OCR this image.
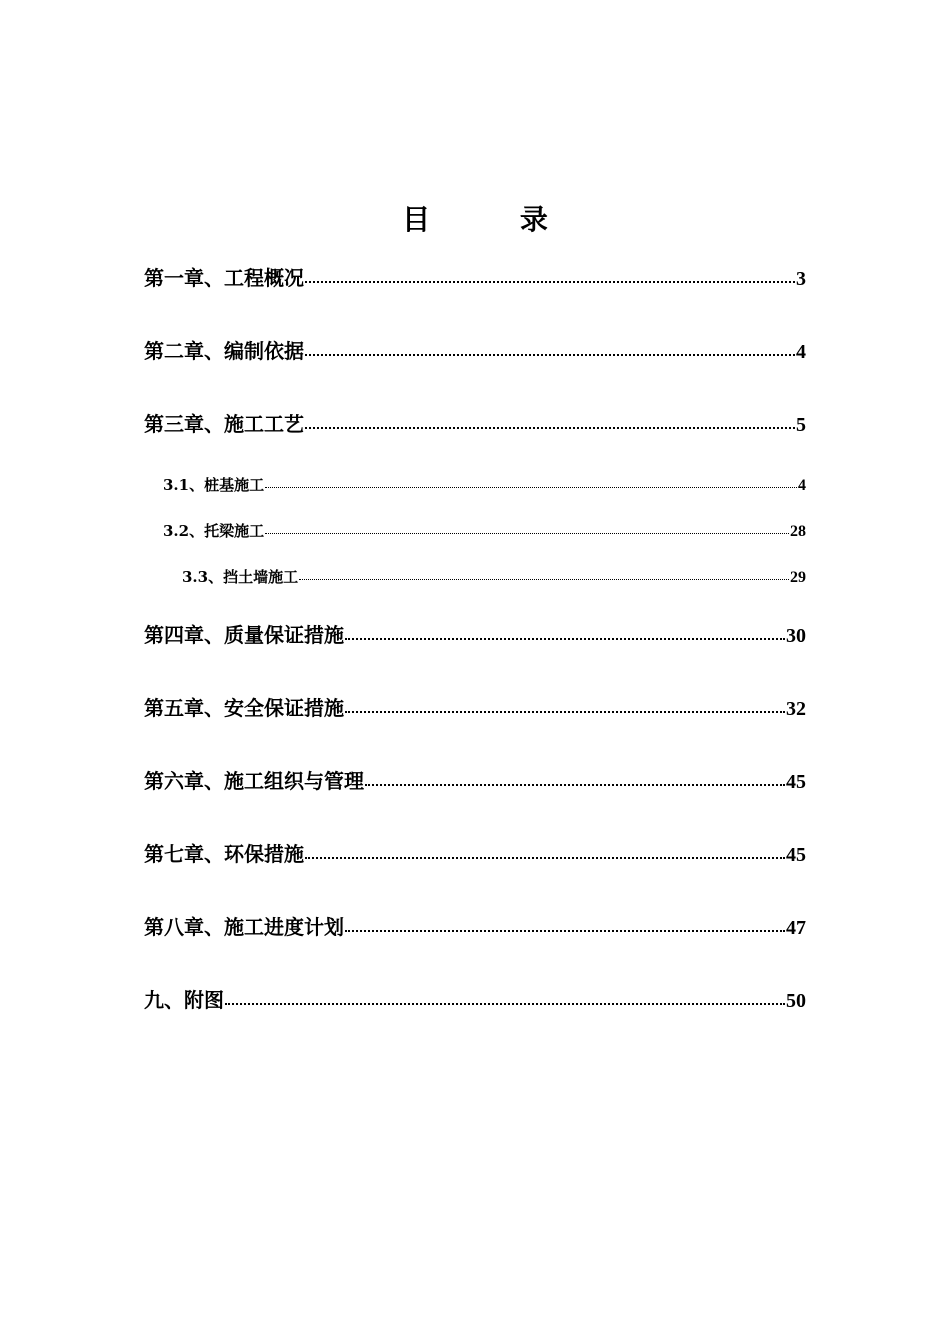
目 录
第一章、工程概况	3
第二章、编制依据	4
第三章、施工工艺	5
3.1、桩基施工	4
3.2、托梁施工	28
3.3、挡土墙施工	29
第四章、质量保证措施	30
第五章、安全保证措施	32
第六章、施工组织与管理	45
第七章、环保措施	45
第八章、施工进度计划	47
九、附图	50
